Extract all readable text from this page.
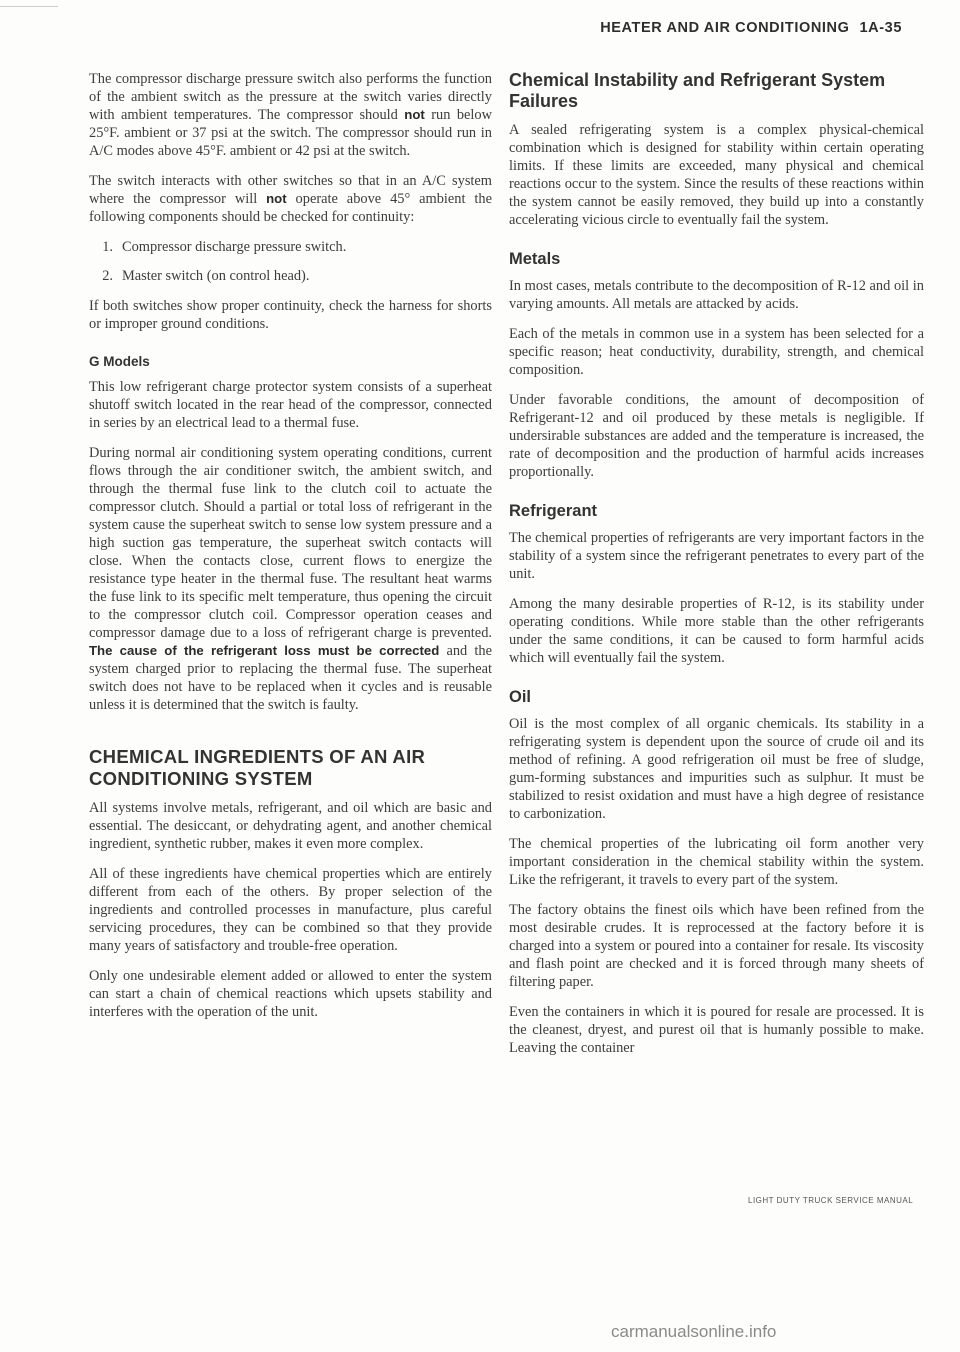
HEATER AND AIR CONDITIONING 1A-35

The compressor discharge pressure switch also performs the function of the ambient switch as the pressure at the switch varies directly with ambient temperatures. The compressor should not run below 25°F. ambient or 37 psi at the switch. The compressor should run in A/C modes above 45°F. ambient or 42 psi at the switch.

The switch interacts with other switches so that in an A/C system where the compressor will not operate above 45° ambient the following components should be checked for continuity:

1. Compressor discharge pressure switch.
2. Master switch (on control head).

If both switches show proper continuity, check the harness for shorts or improper ground conditions.

G Models

This low refrigerant charge protector system consists of a superheat shutoff switch located in the rear head of the compressor, connected in series by an electrical lead to a thermal fuse.

During normal air conditioning system operating conditions, current flows through the air conditioner switch, the ambient switch, and through the thermal fuse link to the clutch coil to actuate the compressor clutch. Should a partial or total loss of refrigerant in the system cause the superheat switch to sense low system pressure and a high suction gas temperature, the superheat switch contacts will close. When the contacts close, current flows to energize the resistance type heater in the thermal fuse. The resultant heat warms the fuse link to its specific melt temperature, thus opening the circuit to the compressor clutch coil. Compressor operation ceases and compressor damage due to a loss of refrigerant charge is prevented. The cause of the refrigerant loss must be corrected and the system charged prior to replacing the thermal fuse. The superheat switch does not have to be replaced when it cycles and is reusable unless it is determined that the switch is faulty.

CHEMICAL INGREDIENTS OF AN AIR CONDITIONING SYSTEM

All systems involve metals, refrigerant, and oil which are basic and essential. The desiccant, or dehydrating agent, and another chemical ingredient, synthetic rubber, makes it even more complex.

All of these ingredients have chemical properties which are entirely different from each of the others. By proper selection of the ingredients and controlled processes in manufacture, plus careful servicing procedures, they can be combined so that they provide many years of satisfactory and trouble-free operation.

Only one undesirable element added or allowed to enter the system can start a chain of chemical reactions which upsets stability and interferes with the operation of the unit.

Chemical Instability and Refrigerant System Failures

A sealed refrigerating system is a complex physical-chemical combination which is designed for stability within certain operating limits. If these limits are exceeded, many physical and chemical reactions occur to the system. Since the results of these reactions within the system cannot be easily removed, they build up into a constantly accelerating vicious circle to eventually fail the system.

Metals

In most cases, metals contribute to the decomposition of R-12 and oil in varying amounts. All metals are attacked by acids.

Each of the metals in common use in a system has been selected for a specific reason; heat conductivity, durability, strength, and chemical composition.

Under favorable conditions, the amount of decomposition of Refrigerant-12 and oil produced by these metals is negligible. If undersirable substances are added and the temperature is increased, the rate of decomposition and the production of harmful acids increases proportionally.

Refrigerant

The chemical properties of refrigerants are very important factors in the stability of a system since the refrigerant penetrates to every part of the unit.

Among the many desirable properties of R-12, is its stability under operating conditions. While more stable than the other refrigerants under the same conditions, it can be caused to form harmful acids which will eventually fail the system.

Oil

Oil is the most complex of all organic chemicals. Its stability in a refrigerating system is dependent upon the source of crude oil and its method of refining. A good refrigeration oil must be free of sludge, gum-forming substances and impurities such as sulphur. It must be stabilized to resist oxidation and must have a high degree of resistance to carbonization.

The chemical properties of the lubricating oil form another very important consideration in the chemical stability within the system. Like the refrigerant, it travels to every part of the system.

The factory obtains the finest oils which have been refined from the most desirable crudes. It is reprocessed at the factory before it is charged into a system or poured into a container for resale. Its viscosity and flash point are checked and it is forced through many sheets of filtering paper.

Even the containers in which it is poured for resale are processed. It is the cleanest, dryest, and purest oil that is humanly possible to make. Leaving the container

LIGHT DUTY TRUCK SERVICE MANUAL
carmanualsonline.info
